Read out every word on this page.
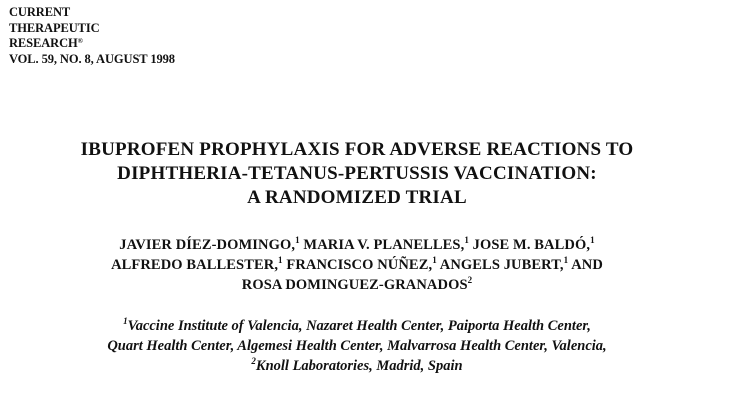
CURRENT
THERAPEUTIC
RESEARCH®
VOL. 59, NO. 8, AUGUST 1998
IBUPROFEN PROPHYLAXIS FOR ADVERSE REACTIONS TO
DIPHTHERIA-TETANUS-PERTUSSIS VACCINATION:
A RANDOMIZED TRIAL
JAVIER DÍEZ-DOMINGO,$^1$ MARIA V. PLANELLES,$^1$ JOSE M. BALDÓ,$^1$
ALFREDO BALLESTER,$^1$ FRANCISCO NÚÑEZ,$^1$ ANGELS JUBERT,$^1$ AND
ROSA DOMINGUEZ-GRANADOS$^2$
$^1$Vaccine Institute of Valencia, Nazaret Health Center, Paiporta Health Center,
Quart Health Center, Algemesi Health Center, Malvarrosa Health Center, Valencia,
$^2$Knoll Laboratories, Madrid, Spain
